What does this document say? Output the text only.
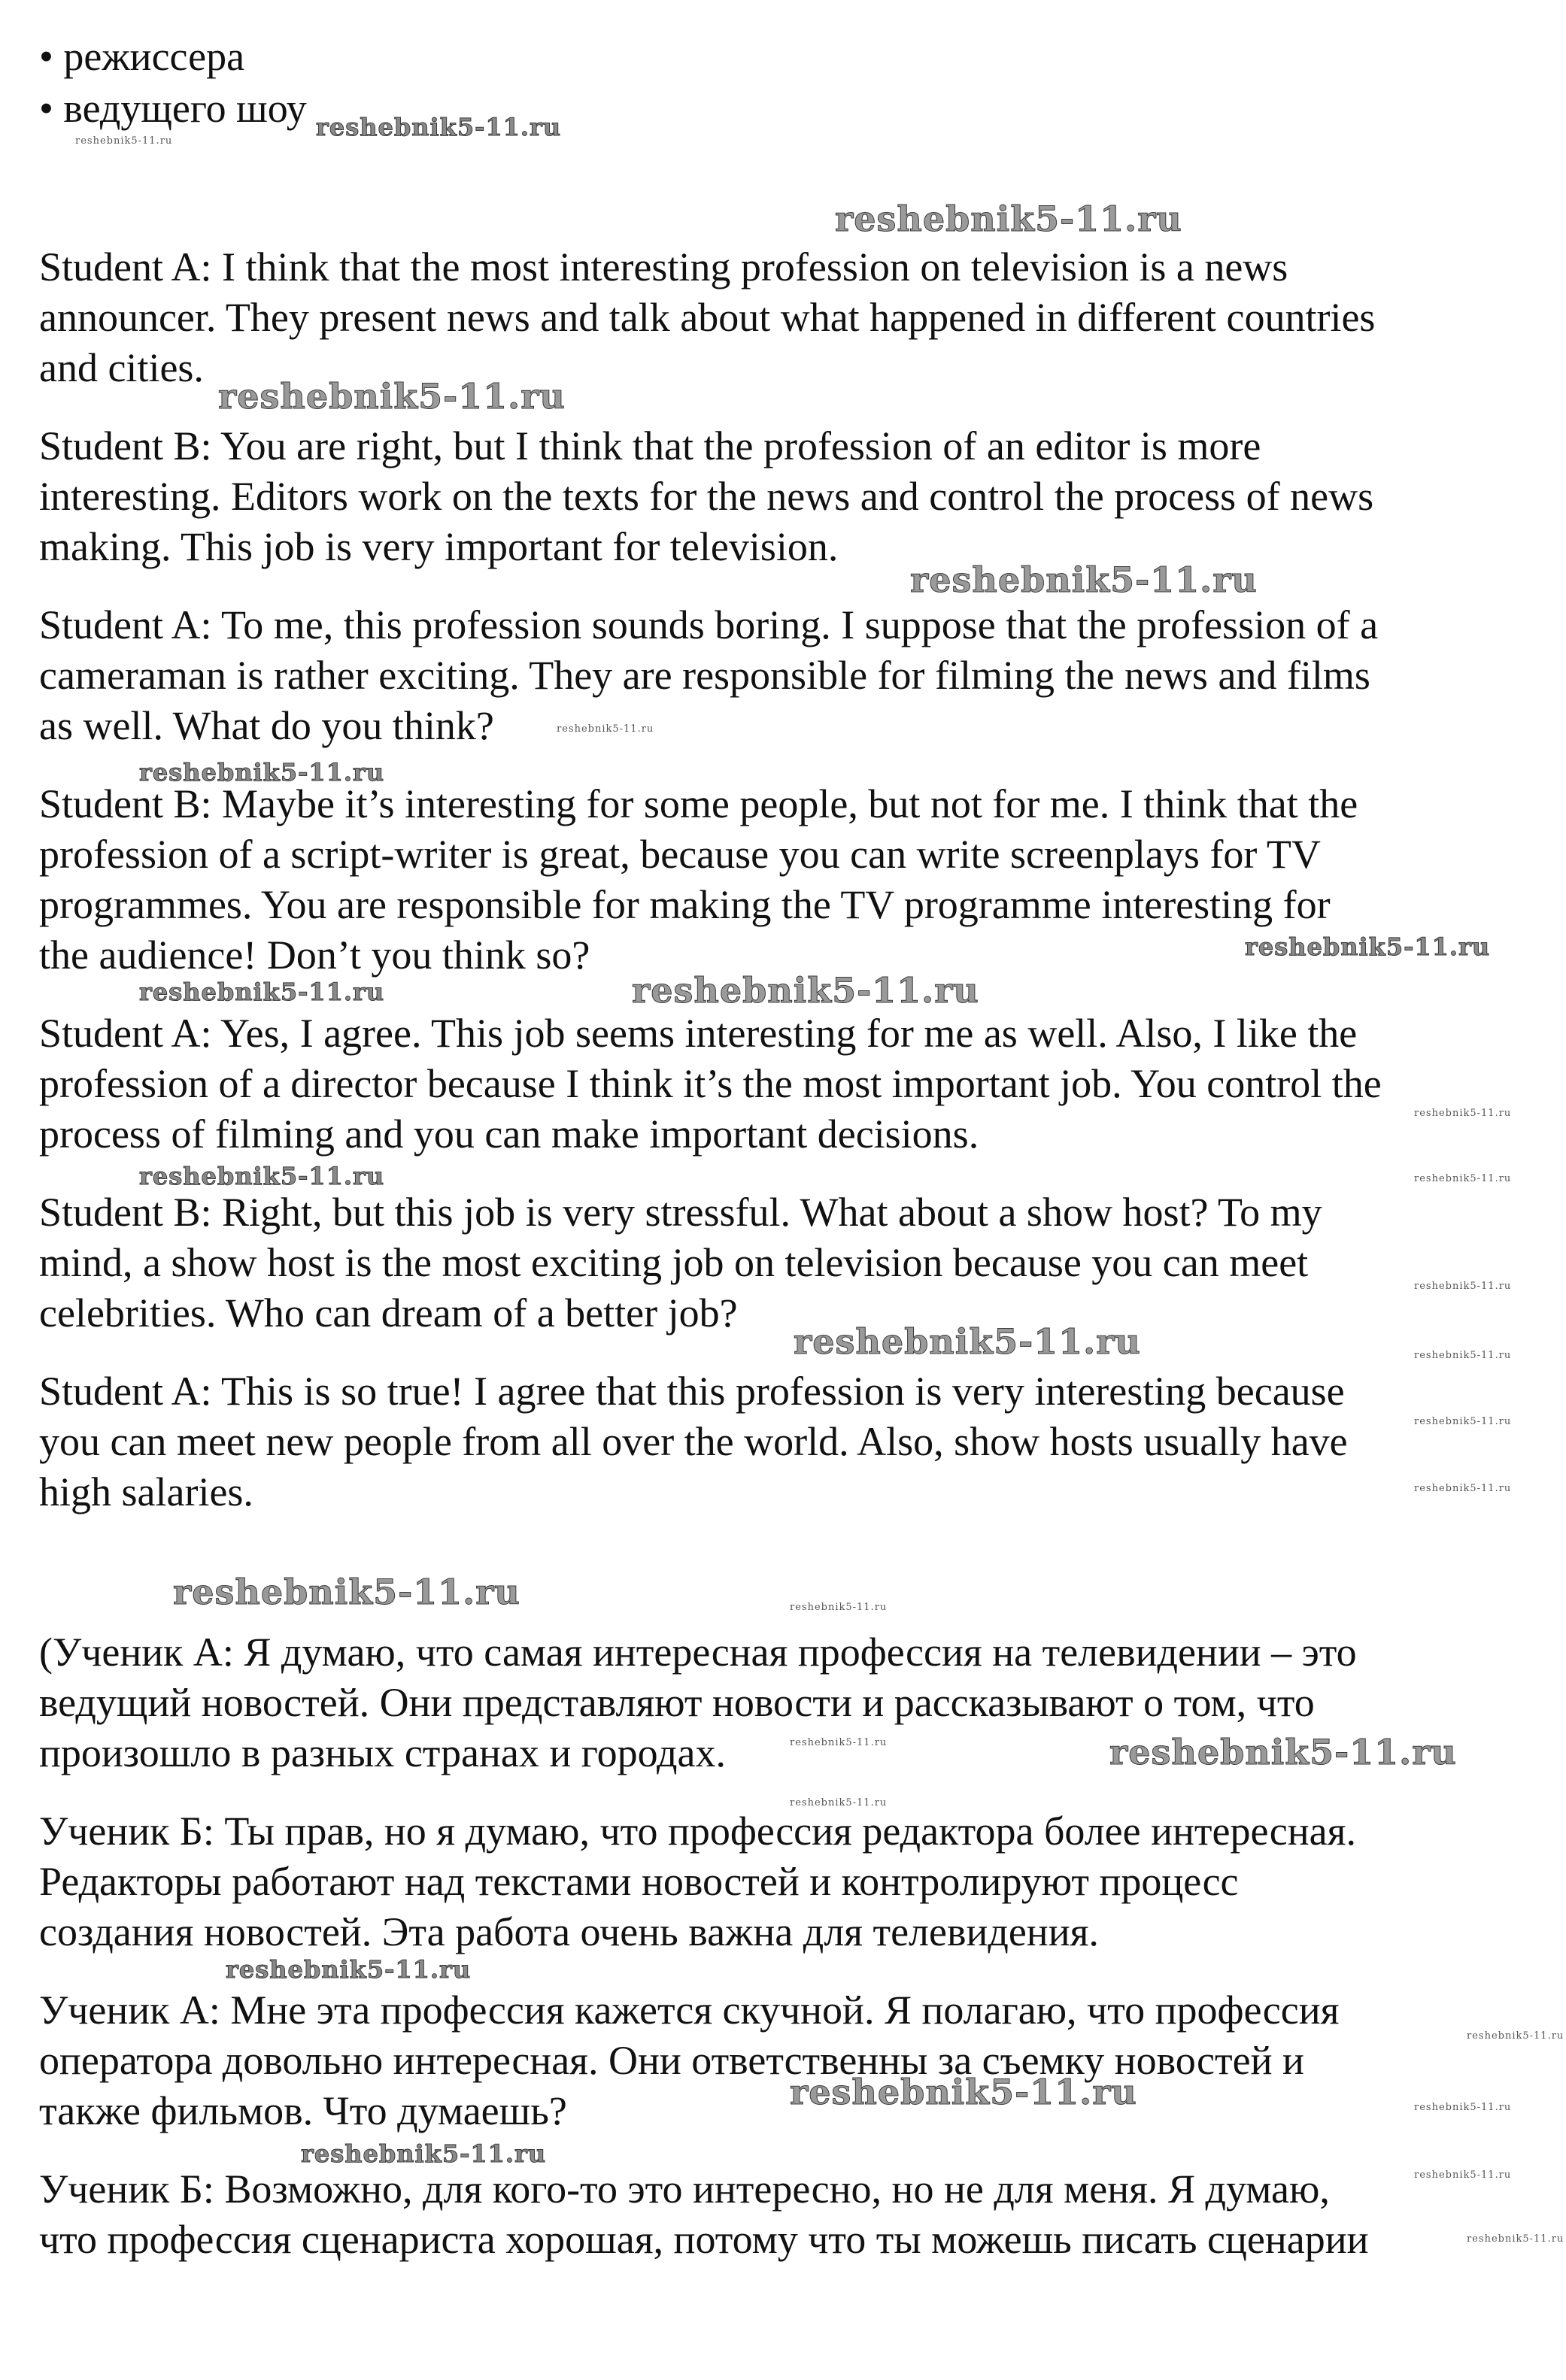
• режиссера
• ведущего шоу
Student A: I think that the most interesting profession on television is a news
announcer. They present news and talk about what happened in different countries
and cities.
Student B: You are right, but I think that the profession of an editor is more
interesting. Editors work on the texts for the news and control the process of news
making. This job is very important for television.
Student A: To me, this profession sounds boring. I suppose that the profession of a
cameraman is rather exciting. They are responsible for filming the news and films
as well. What do you think?
Student B: Maybe it’s interesting for some people, but not for me. I think that the
profession of a script-writer is great, because you can write screenplays for TV
programmes. You are responsible for making the TV programme interesting for
the audience! Don’t you think so?
Student A: Yes, I agree. This job seems interesting for me as well. Also, I like the
profession of a director because I think it’s the most important job. You control the
process of filming and you can make important decisions.
Student B: Right, but this job is very stressful. What about a show host? To my
mind, a show host is the most exciting job on television because you can meet
celebrities. Who can dream of a better job?
Student A: This is so true! I agree that this profession is very interesting because
you can meet new people from all over the world. Also, show hosts usually have
high salaries.
(Ученик А: Я думаю, что самая интересная профессия на телевидении – это
ведущий новостей. Они представляют новости и рассказывают о том, что
произошло в разных странах и городах.
Ученик Б: Ты прав, но я думаю, что профессия редактора более интересная.
Редакторы работают над текстами новостей и контролируют процесс
создания новостей. Эта работа очень важна для телевидения.
Ученик А: Мне эта профессия кажется скучной. Я полагаю, что профессия
оператора довольно интересная. Они ответственны за съемку новостей и
также фильмов. Что думаешь?
Ученик Б: Возможно, для кого-то это интересно, но не для меня. Я думаю,
что профессия сценариста хорошая, потому что ты можешь писать сценарии
reshebnik5-11.ru
reshebnik5-11.ru
reshebnik5-11.ru
reshebnik5-11.ru
reshebnik5-11.ru
reshebnik5-11.ru
reshebnik5-11.ru
reshebnik5-11.ru
reshebnik5-11.ru	reshebnik5-11.ru
reshebnik5-11.ru
reshebnik5-11.ru	reshebnik5-11.ru
reshebnik5-11.ru
reshebnik5-11.ru	reshebnik5-11.ru
reshebnik5-11.ru
reshebnik5-11.ru
reshebnik5-11.ru	reshebnik5-11.ru
reshebnik5-11.ru	reshebnik5-11.ru
reshebnik5-11.ru
reshebnik5-11.ru
reshebnik5-11.ru
reshebnik5-11.ru	reshebnik5-11.ru
reshebnik5-11.ru
reshebnik5-11.ru
reshebnik5-11.ru
